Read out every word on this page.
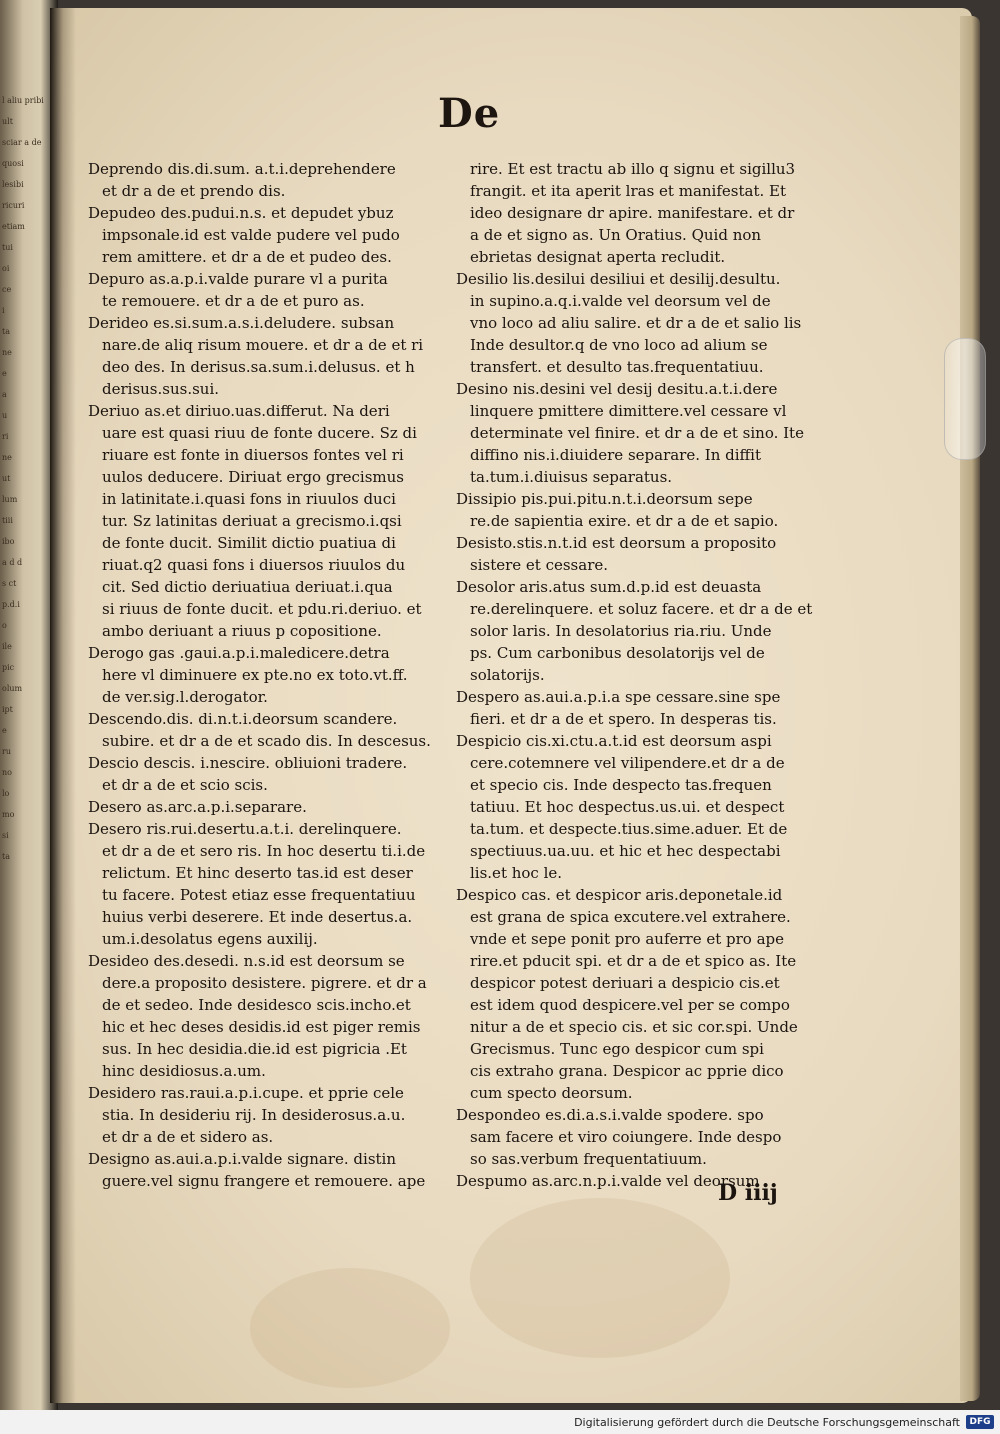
l aliu pribi
ult
sciar a de
quosi
lesibi
ricuri
etiam
tui
oi
ce
i
ta
ne
e
a
u
ri
ne
ut
lum
tiii
ibo
a d d
s ct
p.d.i
o
ile
pic
olum
ipt
e
ru
no
lo
mo
si
ta
De
Deprendo dis.di.sum. a.t.i.deprehendere
et dr a de et prendo dis.
Depudeo des.pudui.n.s. et depudet ybuz
impsonale.id est valde pudere vel pudo
rem amittere. et dr a de et pudeo des.
Depuro as.a.p.i.valde purare vl a purita
te remouere. et dr a de et puro as.
Derideo es.si.sum.a.s.i.deludere. subsan
nare.de aliq risum mouere. et dr a de et ri
deo des. In derisus.sa.sum.i.delusus. et h
derisus.sus.sui.
Deriuo as.et diriuo.uas.differut. Na deri
uare est quasi riuu de fonte ducere. Sz di
riuare est fonte in diuersos fontes vel ri
uulos deducere. Diriuat ergo grecismus
in latinitate.i.quasi fons in riuulos duci
tur. Sz latinitas deriuat a grecismo.i.qsi
de fonte ducit. Similit dictio puatiua di
riuat.q2 quasi fons i diuersos riuulos du
cit. Sed dictio deriuatiua deriuat.i.qua
si riuus de fonte ducit. et pdu.ri.deriuo. et
ambo deriuant a riuus p copositione.
Derogo gas .gaui.a.p.i.maledicere.detra
here vl diminuere ex pte.no ex toto.vt.ff.
de ver.sig.l.derogator.
Descendo.dis. di.n.t.i.deorsum scandere.
subire. et dr a de et scado dis. In descesus.
Descio descis. i.nescire. obliuioni tradere.
et dr a de et scio scis.
Desero as.arc.a.p.i.separare.
Desero ris.rui.desertu.a.t.i. derelinquere.
et dr a de et sero ris. In hoc desertu ti.i.de
relictum. Et hinc deserto tas.id est deser
tu facere. Potest etiaz esse frequentatiuu
huius verbi deserere. Et inde desertus.a.
um.i.desolatus egens auxilij.
Desideo des.desedi. n.s.id est deorsum se
dere.a proposito desistere. pigrere. et dr a
de et sedeo. Inde desidesco scis.incho.et
hic et hec deses desidis.id est piger remis
sus. In hec desidia.die.id est pigricia .Et
hinc desidiosus.a.um.
Desidero ras.raui.a.p.i.cupe. et pprie cele
stia. In desideriu rij. In desiderosus.a.u.
et dr a de et sidero as.
Designo as.aui.a.p.i.valde signare. distin
guere.vel signu frangere et remouere. ape
rire. Et est tractu ab illo q signu et sigillu3
frangit. et ita aperit lras et manifestat. Et
ideo designare dr apire. manifestare. et dr
a de et signo as. Un Oratius. Quid non
ebrietas designat aperta recludit.
Desilio lis.desilui desiliui et desilij.desultu.
in supino.a.q.i.valde vel deorsum vel de
vno loco ad aliu salire. et dr a de et salio lis
Inde desultor.q de vno loco ad alium se
transfert. et desulto tas.frequentatiuu.
Desino nis.desini vel desij desitu.a.t.i.dere
linquere pmittere dimittere.vel cessare vl
determinate vel finire. et dr a de et sino. Ite
diffino nis.i.diuidere separare. In diffit
ta.tum.i.diuisus separatus.
Dissipio pis.pui.pitu.n.t.i.deorsum sepe
re.de sapientia exire. et dr a de et sapio.
Desisto.stis.n.t.id est deorsum a proposito
sistere et cessare.
Desolor aris.atus sum.d.p.id est deuasta
re.derelinquere. et soluz facere. et dr a de et
solor laris. In desolatorius ria.riu. Unde
ps. Cum carbonibus desolatorijs vel de
solatorijs.
Despero as.aui.a.p.i.a spe cessare.sine spe
fieri. et dr a de et spero. In desperas tis.
Despicio cis.xi.ctu.a.t.id est deorsum aspi
cere.cotemnere vel vilipendere.et dr a de
et specio cis. Inde despecto tas.frequen
tatiuu. Et hoc despectus.us.ui. et despect
ta.tum. et despecte.tius.sime.aduer. Et de
spectiuus.ua.uu. et hic et hec despectabi
lis.et hoc le.
Despico cas. et despicor aris.deponetale.id
est grana de spica excutere.vel extrahere.
vnde et sepe ponit pro auferre et pro ape
rire.et pducit spi. et dr a de et spico as. Ite
despicor potest deriuari a despicio cis.et
est idem quod despicere.vel per se compo
nitur a de et specio cis. et sic cor.spi. Unde
Grecismus. Tunc ego despicor cum spi
cis extraho grana. Despicor ac pprie dico
cum specto deorsum.
Despondeo es.di.a.s.i.valde spodere. spo
sam facere et viro coiungere. Inde despo
so sas.verbum frequentatiuum.
Despumo as.arc.n.p.i.valde vel deorsum
D iiij
Digitalisierung gefördert durch die Deutsche Forschungsgemeinschaft	DFG
